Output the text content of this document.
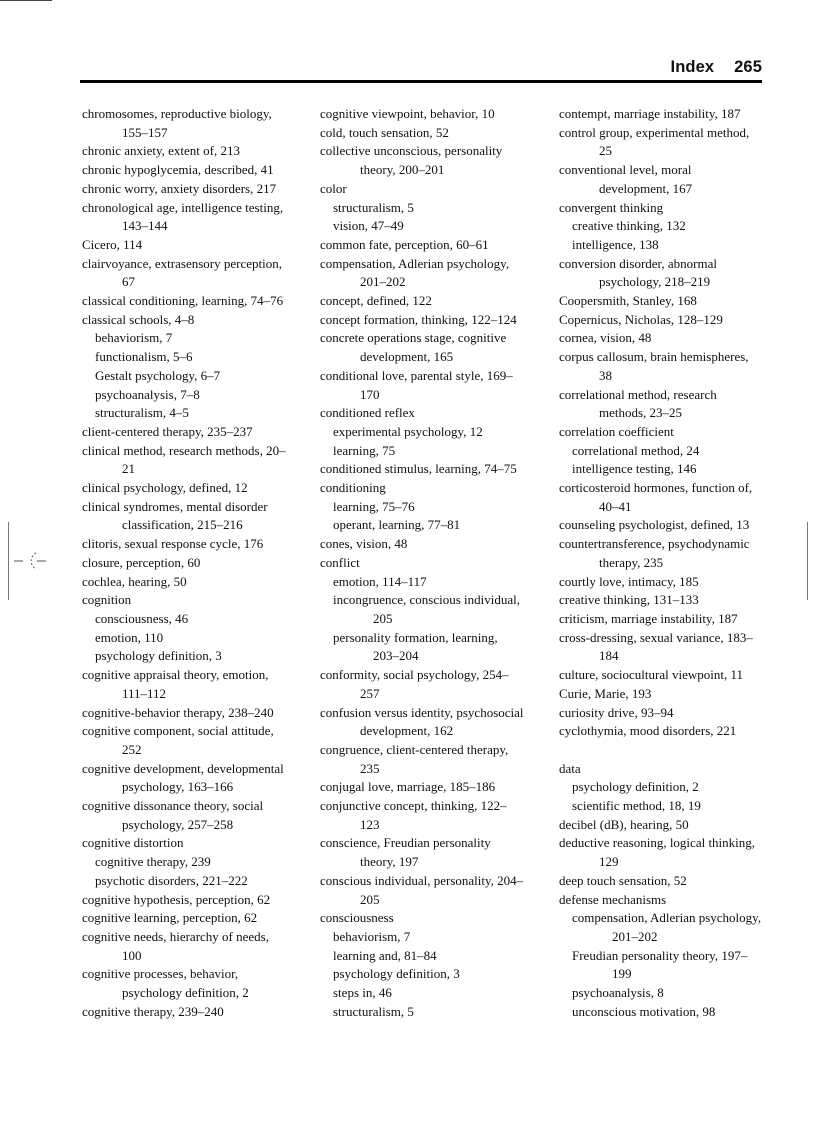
Index 265
chromosomes, reproductive biology, 155–157
chronic anxiety, extent of, 213
chronic hypoglycemia, described, 41
chronic worry, anxiety disorders, 217
chronological age, intelligence testing, 143–144
Cicero, 114
clairvoyance, extrasensory perception, 67
classical conditioning, learning, 74–76
classical schools, 4–8
behaviorism, 7
functionalism, 5–6
Gestalt psychology, 6–7
psychoanalysis, 7–8
structuralism, 4–5
client-centered therapy, 235–237
clinical method, research methods, 20–21
clinical psychology, defined, 12
clinical syndromes, mental disorder classification, 215–216
clitoris, sexual response cycle, 176
closure, perception, 60
cochlea, hearing, 50
cognition
consciousness, 46
emotion, 110
psychology definition, 3
cognitive appraisal theory, emotion, 111–112
cognitive-behavior therapy, 238–240
cognitive component, social attitude, 252
cognitive development, developmental psychology, 163–166
cognitive dissonance theory, social psychology, 257–258
cognitive distortion
cognitive therapy, 239
psychotic disorders, 221–222
cognitive hypothesis, perception, 62
cognitive learning, perception, 62
cognitive needs, hierarchy of needs, 100
cognitive processes, behavior, psychology definition, 2
cognitive therapy, 239–240
cognitive viewpoint, behavior, 10
cold, touch sensation, 52
collective unconscious, personality theory, 200–201
color
structuralism, 5
vision, 47–49
common fate, perception, 60–61
compensation, Adlerian psychology, 201–202
concept, defined, 122
concept formation, thinking, 122–124
concrete operations stage, cognitive development, 165
conditional love, parental style, 169–170
conditioned reflex
experimental psychology, 12
learning, 75
conditioned stimulus, learning, 74–75
conditioning
learning, 75–76
operant, learning, 77–81
cones, vision, 48
conflict
emotion, 114–117
incongruence, conscious individual, 205
personality formation, learning, 203–204
conformity, social psychology, 254–257
confusion versus identity, psychosocial development, 162
congruence, client-centered therapy, 235
conjugal love, marriage, 185–186
conjunctive concept, thinking, 122–123
conscience, Freudian personality theory, 197
conscious individual, personality, 204–205
consciousness
behaviorism, 7
learning and, 81–84
psychology definition, 3
steps in, 46
structuralism, 5
contempt, marriage instability, 187
control group, experimental method, 25
conventional level, moral development, 167
convergent thinking
creative thinking, 132
intelligence, 138
conversion disorder, abnormal psychology, 218–219
Coopersmith, Stanley, 168
Copernicus, Nicholas, 128–129
cornea, vision, 48
corpus callosum, brain hemispheres, 38
correlational method, research methods, 23–25
correlation coefficient
correlational method, 24
intelligence testing, 146
corticosteroid hormones, function of, 40–41
counseling psychologist, defined, 13
countertransference, psychodynamic therapy, 235
courtly love, intimacy, 185
creative thinking, 131–133
criticism, marriage instability, 187
cross-dressing, sexual variance, 183–184
culture, sociocultural viewpoint, 11
Curie, Marie, 193
curiosity drive, 93–94
cyclothymia, mood disorders, 221
data
psychology definition, 2
scientific method, 18, 19
decibel (dB), hearing, 50
deductive reasoning, logical thinking, 129
deep touch sensation, 52
defense mechanisms
compensation, Adlerian psychology, 201–202
Freudian personality theory, 197–199
psychoanalysis, 8
unconscious motivation, 98
